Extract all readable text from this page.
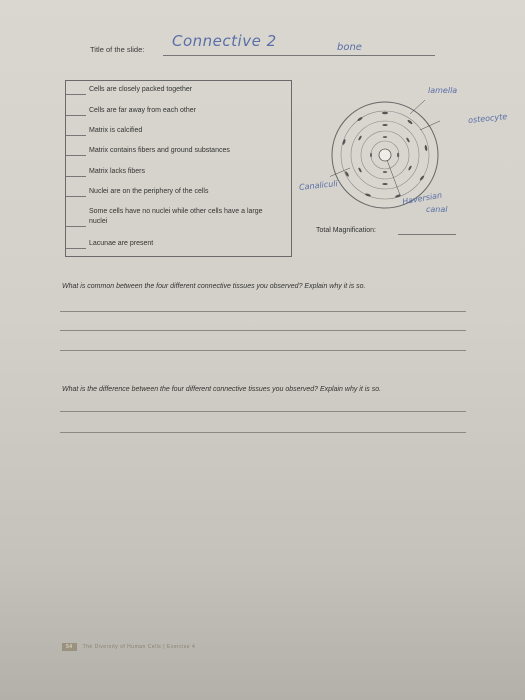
Title of the slide: Connective 2	bone
Cells are closely packed together
Cells are far away from each other
Matrix is calcified
Matrix contains fibers and ground substances
Matrix lacks fibers
Nuclei are on the periphery of the cells
Some cells have no nuclei while other cells have a large nuclei
Lacunae are present
lamella
osteocyte
Canaliculi
Haversian
canal
Total Magnification:
What is common between the four different connective tissues you observed? Explain why it is so.
What is the difference between the four different connective tissues you observed? Explain why it is so.
54 The Diversity of Human Cells | Exercise 4
